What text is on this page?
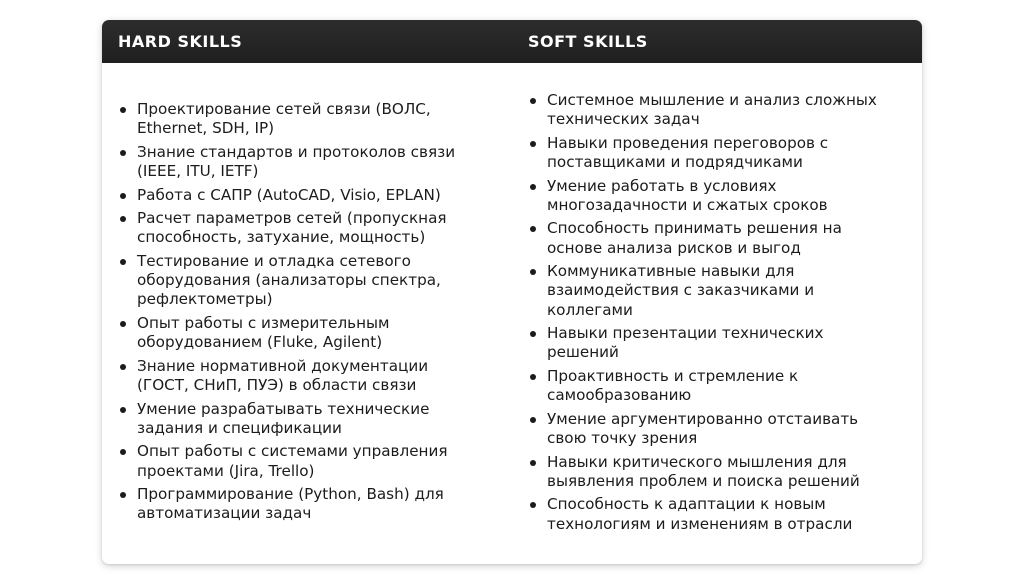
HARD SKILLS	SOFT SKILLS
Проектирование сетей связи (ВОЛС, Ethernet, SDH, IP)
Знание стандартов и протоколов связи (IEEE, ITU, IETF)
Работа с САПР (AutoCAD, Visio, EPLAN)
Расчет параметров сетей (пропускная способность, затухание, мощность)
Тестирование и отладка сетевого оборудования (анализаторы спектра, рефлектометры)
Опыт работы с измерительным оборудованием (Fluke, Agilent)
Знание нормативной документации (ГОСТ, СНиП, ПУЭ) в области связи
Умение разрабатывать технические задания и спецификации
Опыт работы с системами управления проектами (Jira, Trello)
Программирование (Python, Bash) для автоматизации задач
Системное мышление и анализ сложных технических задач
Навыки проведения переговоров с поставщиками и подрядчиками
Умение работать в условиях многозадачности и сжатых сроков
Способность принимать решения на основе анализа рисков и выгод
Коммуникативные навыки для взаимодействия с заказчиками и коллегами
Навыки презентации технических решений
Проактивность и стремление к самообразованию
Умение аргументированно отстаивать свою точку зрения
Навыки критического мышления для выявления проблем и поиска решений
Способность к адаптации к новым технологиям и изменениям в отрасли
